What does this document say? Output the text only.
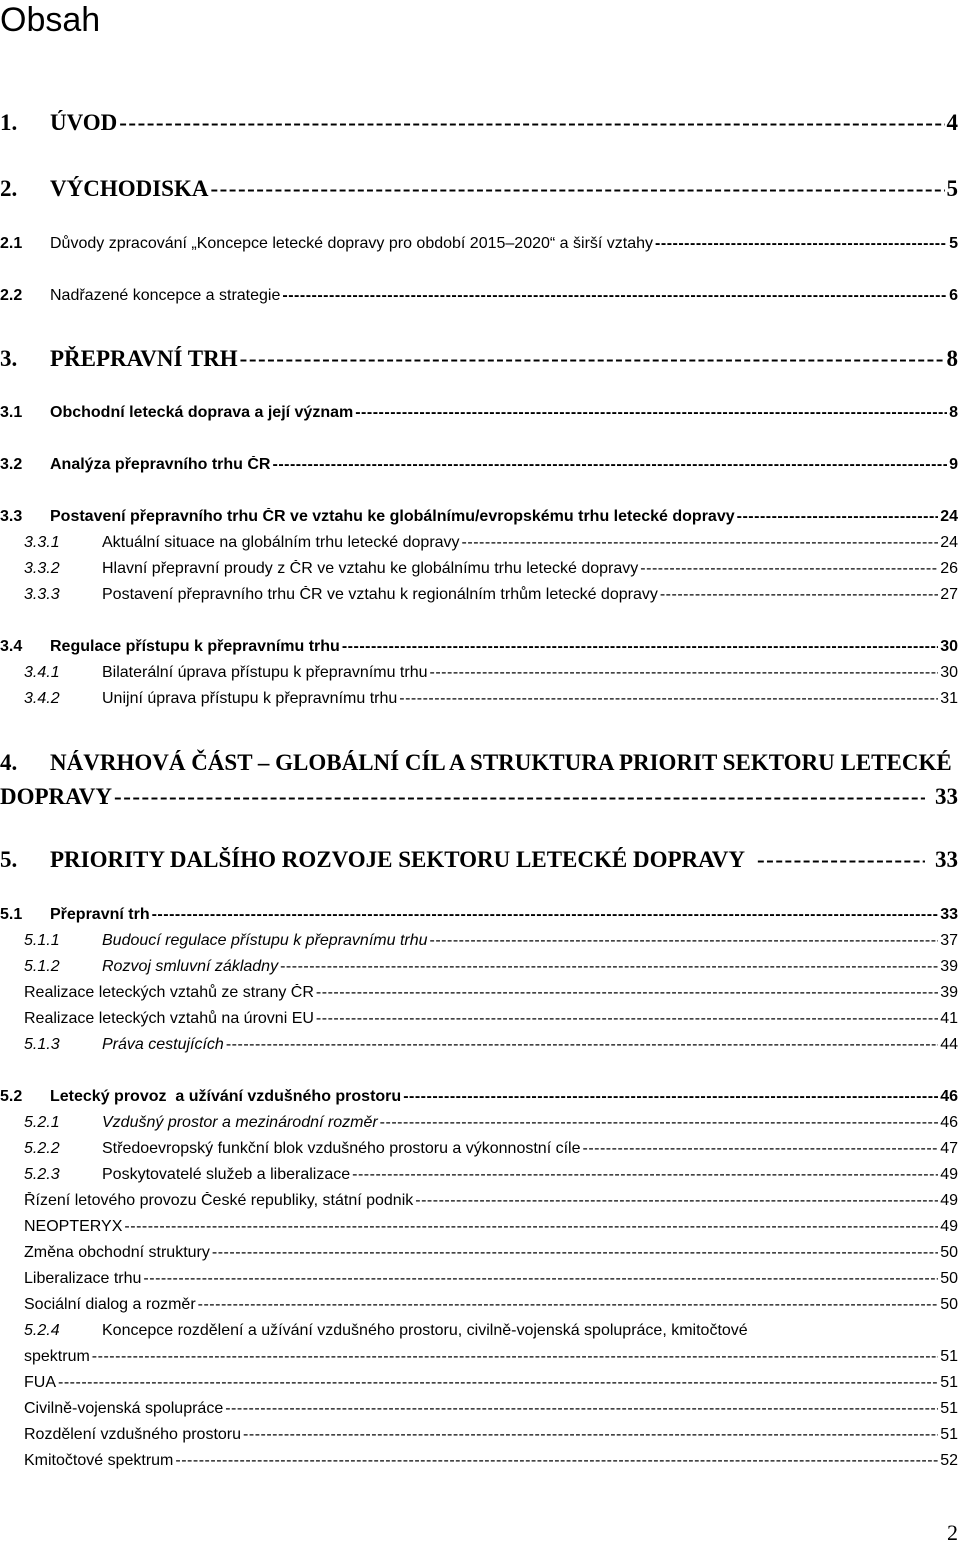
Obsah
1.	ÚVOD -----	4
2.	VÝCHODISKA -----	5
2.1	Důvody zpracování „Koncepce letecké dopravy pro období 2015–2020“ a širší vztahy -----	5
2.2	Nadřazené koncepce a strategie -----	6
3.	PŘEPRAVNÍ TRH -----	8
3.1	Obchodní letecká doprava a její význam -----	8
3.2	Analýza přepravního trhu ČR -----	9
3.3	Postavení přepravního trhu ČR ve vztahu ke globálnímu/evropskému trhu letecké dopravy -----	24
3.3.1	Aktuální situace na globálním trhu letecké dopravy -----	24
3.3.2	Hlavní přepravní proudy z ČR ve vztahu ke globálnímu trhu letecké dopravy -----	26
3.3.3	Postavení přepravního trhu ČR ve vztahu k regionálním trhům letecké dopravy -----	27
3.4	Regulace přístupu k přepravnímu trhu -----	30
3.4.1	Bilaterální úprava přístupu k přepravnímu trhu -----	30
3.4.2	Unijní úprava přístupu k přepravnímu trhu -----	31
4. NÁVRHOVÁ ČÁST – GLOBÁLNÍ CÍL A STRUKTURA PRIORIT SEKTORU LETECKÉ
DOPRAVY -----	33
5.	PRIORITY DALŠÍHO ROZVOJE SEKTORU LETECKÉ DOPRAVY -----	33
5.1	Přepravní trh -----	33
5.1.1	Budoucí regulace přístupu k přepravnímu trhu -----	37
5.1.2	Rozvoj smluvní základny -----	39
Realizace leteckých vztahů ze strany ČR -----	39
Realizace leteckých vztahů na úrovni EU -----	41
5.1.3	Práva cestujících -----	44
5.2	Letecký provoz  a užívání vzdušného prostoru -----	46
5.2.1	Vzdušný prostor a mezinárodní rozměr -----	46
5.2.2	Středoevropský funkční blok vzdušného prostoru a výkonnostní cíle -----	47
5.2.3	Poskytovatelé služeb a liberalizace -----	49
Řízení letového provozu České republiky, státní podnik -----	49
NEOPTERYX -----	49
Změna obchodní struktury -----	50
Liberalizace trhu -----	50
Sociální dialog a rozměr -----	50
5.2.4	Koncepce rozdělení a užívání vzdušného prostoru, civilně-vojenská spolupráce, kmitočtové
spektrum -----	51
FUA -----	51
Civilně-vojenská spolupráce -----	51
Rozdělení vzdušného prostoru -----	51
Kmitočtové spektrum -----	52
2
